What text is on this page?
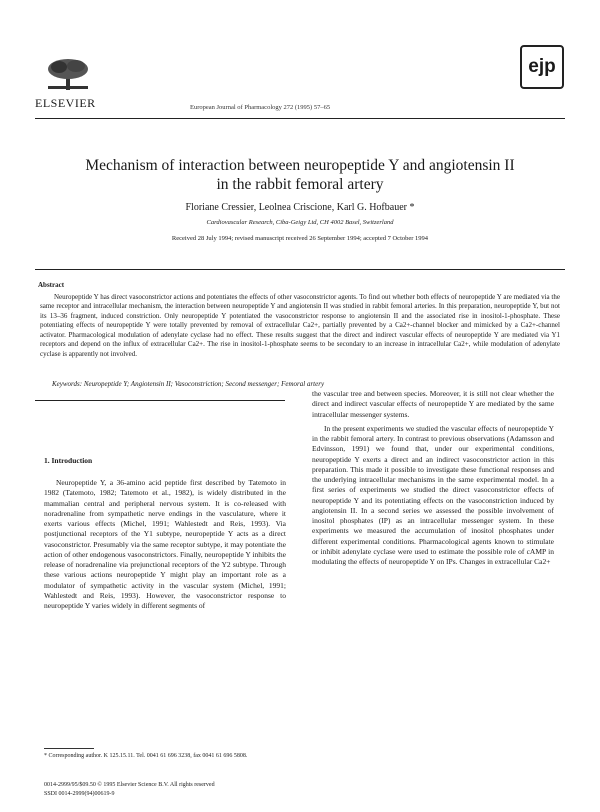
ELSEVIER	European Journal of Pharmacology 272 (1995) 57–65
ejp
Mechanism of interaction between neuropeptide Y and angiotensin II
in the rabbit femoral artery
Floriane Cressier, Leolnea Criscione, Karl G. Hofbauer *
Cardiovascular Research, Ciba-Geigy Ltd, CH 4002 Basel, Switzerland
Received 28 July 1994; revised manuscript received 26 September 1994; accepted 7 October 1994
Abstract
Neuropeptide Y has direct vasoconstrictor actions and potentiates the effects of other vasoconstrictor agents. To find out whether both effects of neuropeptide Y are mediated via the same receptor and intracellular mechanism, the interaction between neuropeptide Y and angiotensin II was studied in rabbit femoral arteries. In this preparation, neuropeptide Y, but not its 13–36 fragment, induced constriction. Only neuropeptide Y potentiated the vasoconstrictor response to angiotensin II and the associated rise in inositol-1-phosphate. These potentiating effects of neuropeptide Y were totally prevented by removal of extracellular Ca2+, partially prevented by a Ca2+-channel blocker and mimicked by a Ca2+-channel activator. Pharmacological modulation of adenylate cyclase had no effect. These results suggest that the direct and indirect vascular effects of neuropeptide Y are mediated via Y1 receptors and depend on the influx of extracellular Ca2+. The rise in inositol-1-phosphate seems to be secondary to an increase in intracellular Ca2+, while modulation of adenylate cyclase is apparently not involved.
Keywords: Neuropeptide Y; Angiotensin II; Vasoconstriction; Second messenger; Femoral artery
1. Introduction

Neuropeptide Y, a 36-amino acid peptide first described by Tatemoto in 1982 (Tatemoto, 1982; Tatemoto et al., 1982), is widely distributed in the mammalian central and peripheral nervous system. It is co-released with noradrenaline from sympathetic nerve endings in the vasculature, where it exerts various effects (Michel, 1991; Wahlestedt and Reis, 1993). Via postjunctional receptors of the Y1 subtype, neuropeptide Y acts as a direct vasoconstrictor. Presumably via the same receptor subtype, it may potentiate the action of other endogenous vasoconstrictors. Finally, neuropeptide Y inhibits the release of noradrenaline via prejunctional receptors of the Y2 subtype. Through these various actions neuropeptide Y might play an important role as a modulator of sympathetic activity in the vascular system (Michel, 1991; Wahlestedt and Reis, 1993). However, the vasoconstrictor response to neuropeptide Y varies widely in different segments of

the vascular tree and between species. Moreover, it is still not clear whether the direct and indirect vascular effects of neuropeptide Y are mediated by the same intracellular messenger systems.

In the present experiments we studied the vascular effects of neuropeptide Y in the rabbit femoral artery. In contrast to previous observations (Adamsson and Edvinsson, 1991) we found that, under our experimental conditions, neuropeptide Y exerts a direct and an indirect vasoconstrictor action in this preparation. This made it possible to investigate these functional responses and the underlying intracellular mechanisms in the same experimental model. In a first series of experiments we studied the direct vasoconstrictor effects of neuropeptide Y and its potentiating effects on the vasoconstriction induced by angiotensin II. In a second series we assessed the possible involvement of inositol phosphates (IP) as an intracellular messenger system. In these experiments we measured the accumulation of inositol phosphates under different experimental conditions. Pharmacological agents known to stimulate or inhibit adenylate cyclase were used to estimate the possible role of cAMP in modulating the effects of neuropeptide Y on IPs. Changes in extracellular Ca2+

* Corresponding author. K 125.15.11. Tel. 0041 61 696 3238, fax 0041 61 696 5808.
0014-2999/95/$09.50 © 1995 Elsevier Science B.V. All rights reserved
SSDI 0014-2999(94)00619-9
